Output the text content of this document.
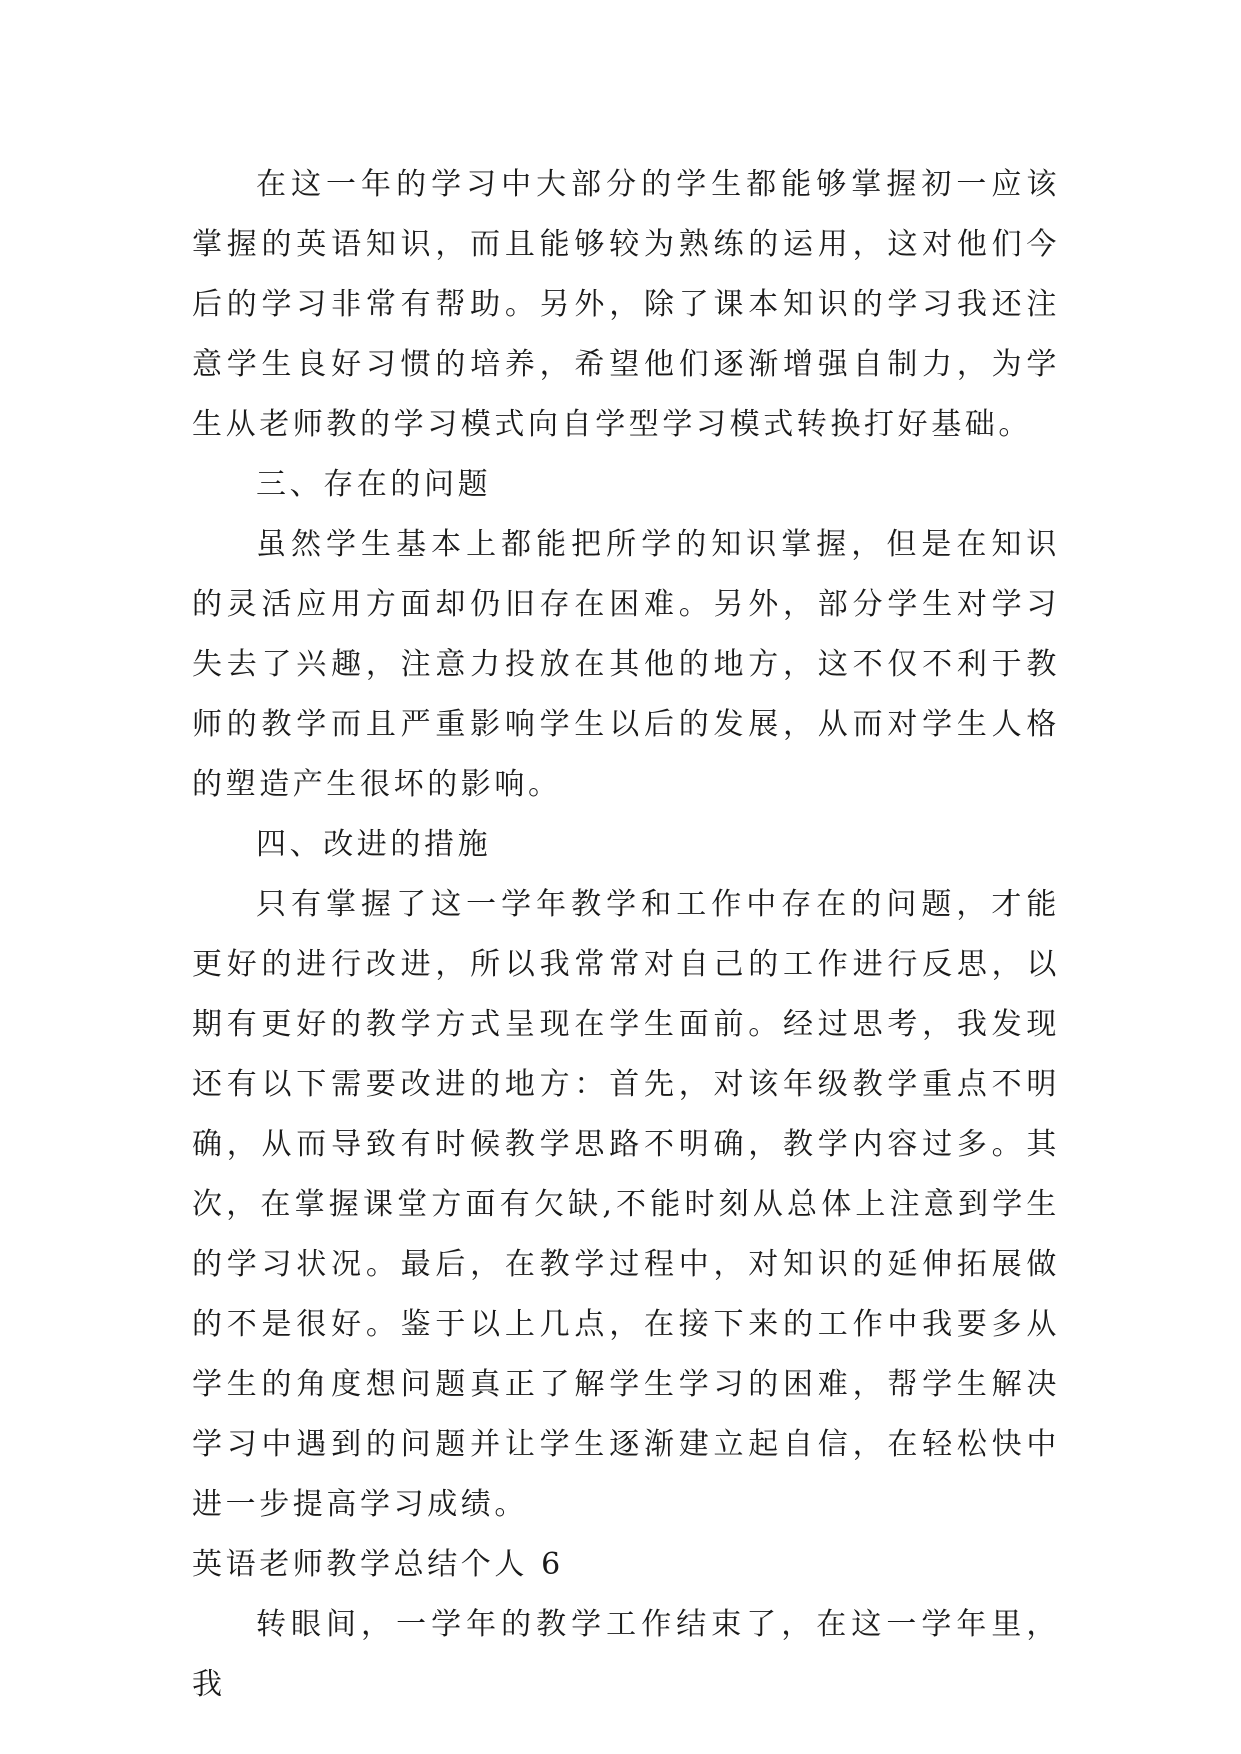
在这一年的学习中大部分的学生都能够掌握初一应该掌握的英语知识，而且能够较为熟练的运用，这对他们今后的学习非常有帮助。另外，除了课本知识的学习我还注意学生良好习惯的培养，希望他们逐渐增强自制力，为学生从老师教的学习模式向自学型学习模式转换打好基础。

三、存在的问题

虽然学生基本上都能把所学的知识掌握，但是在知识的灵活应用方面却仍旧存在困难。另外，部分学生对学习失去了兴趣，注意力投放在其他的地方，这不仅不利于教师的教学而且严重影响学生以后的发展，从而对学生人格的塑造产生很坏的影响。

四、改进的措施

只有掌握了这一学年教学和工作中存在的问题，才能更好的进行改进，所以我常常对自己的工作进行反思，以期有更好的教学方式呈现在学生面前。经过思考，我发现还有以下需要改进的地方：首先，对该年级教学重点不明确，从而导致有时候教学思路不明确，教学内容过多。其次，在掌握课堂方面有欠缺,不能时刻从总体上注意到学生的学习状况。最后，在教学过程中，对知识的延伸拓展做的不是很好。鉴于以上几点，在接下来的工作中我要多从学生的角度想问题真正了解学生学习的困难，帮学生解决学习中遇到的问题并让学生逐渐建立起自信，在轻松快中进一步提高学习成绩。

英语老师教学总结个人 6

转眼间，一学年的教学工作结束了，在这一学年里，我
